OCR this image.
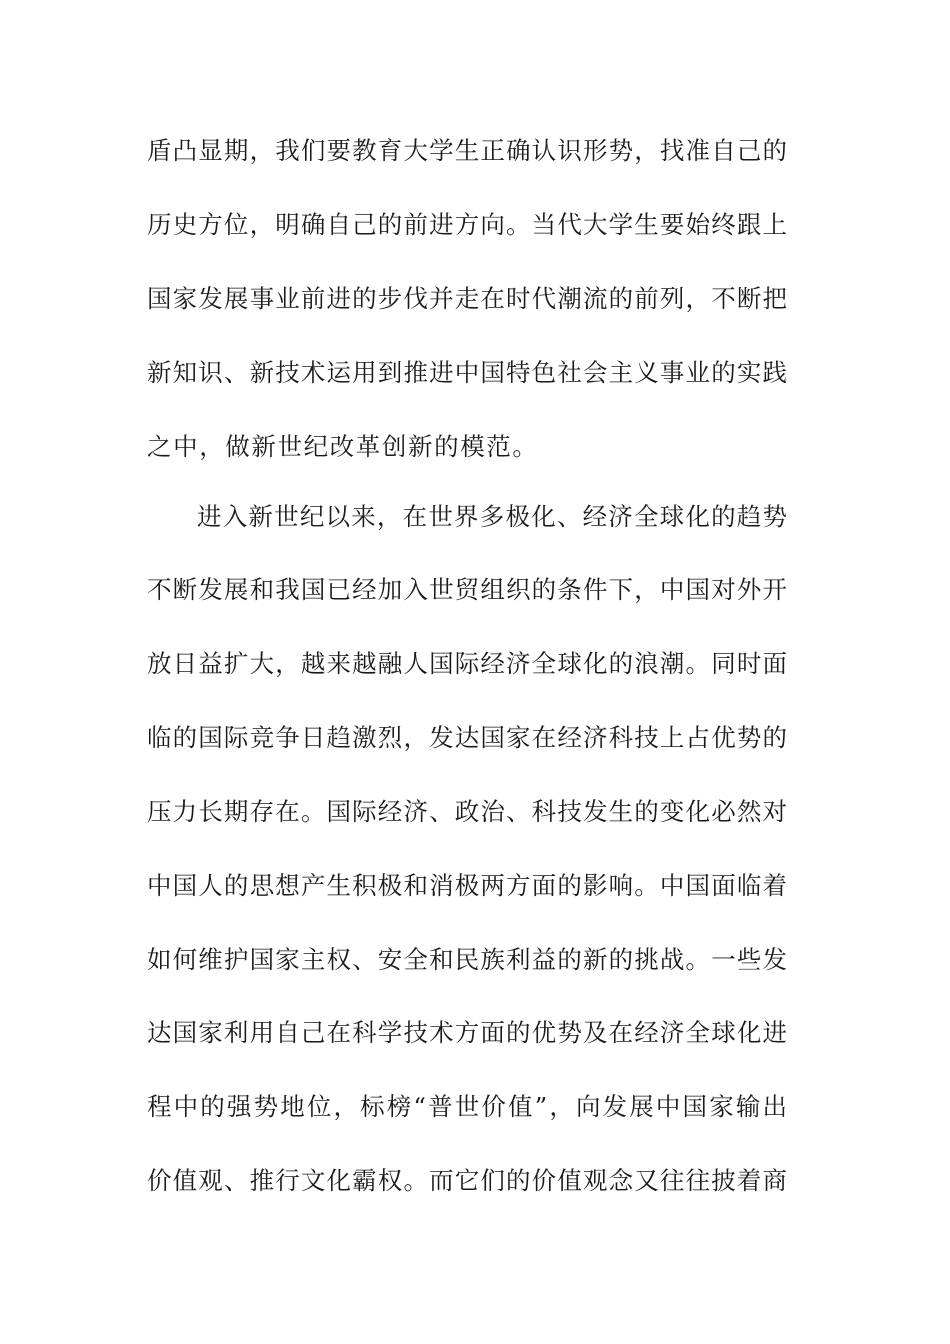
盾凸显期，我们要教育大学生正确认识形势，找准自己的
历史方位，明确自己的前进方向。当代大学生要始终跟上
国家发展事业前进的步伐并走在时代潮流的前列，不断把
新知识、新技术运用到推进中国特色社会主义事业的实践
之中，做新世纪改革创新的模范。
进入新世纪以来，在世界多极化、经济全球化的趋势
不断发展和我国已经加入世贸组织的条件下，中国对外开
放日益扩大，越来越融人国际经济全球化的浪潮。同时面
临的国际竞争日趋激烈，发达国家在经济科技上占优势的
压力长期存在。国际经济、政治、科技发生的变化必然对
中国人的思想产生积极和消极两方面的影响。中国面临着
如何维护国家主权、安全和民族利益的新的挑战。一些发
达国家利用自己在科学技术方面的优势及在经济全球化进
程中的强势地位，标榜“普世价值”，向发展中国家输出
价值观、推行文化霸权。而它们的价值观念又往往披着商
